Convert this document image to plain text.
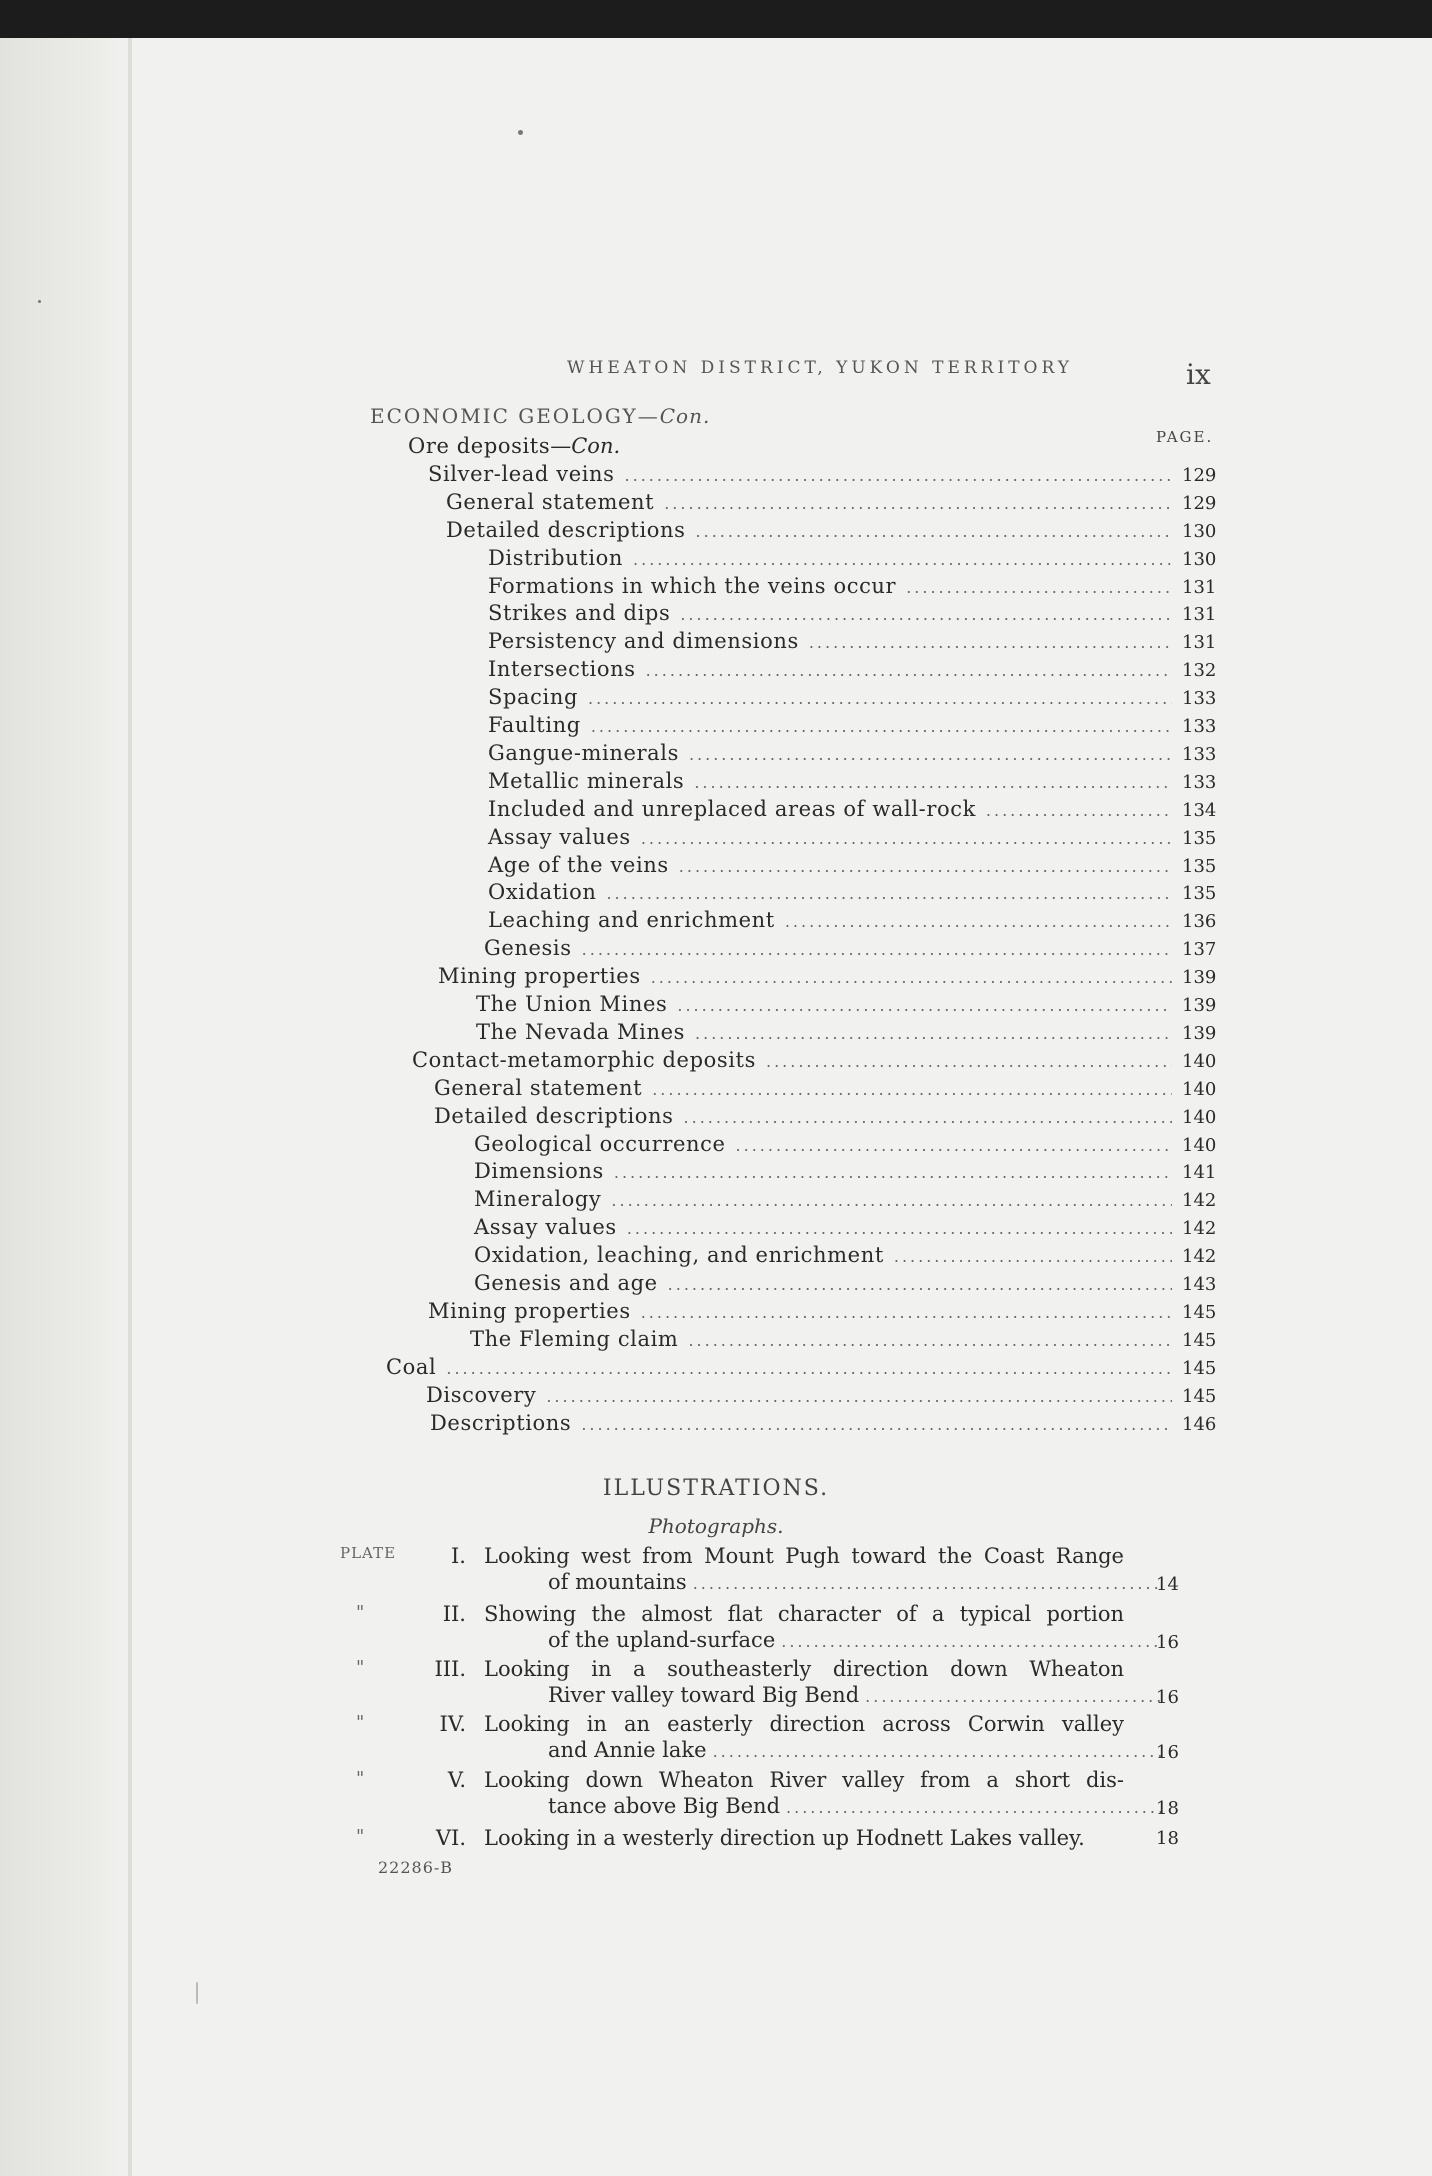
WHEATON DISTRICT, YUKON TERRITORY	ix
ECONOMIC GEOLOGY—Con.
PAGE.
Ore deposits — Con.
Silver-lead veins .....	129
General statement .....	129
Detailed descriptions .....	130
Distribution .....	130
Formations in which the veins occur .....	131
Strikes and dips .....	131
Persistency and dimensions .....	131
Intersections .....	132
Spacing .....	133
Faulting .....	133
Gangue-minerals .....	133
Metallic minerals .....	133
Included and unreplaced areas of wall-rock .....	134
Assay values .....	135
Age of the veins .....	135
Oxidation .....	135
Leaching and enrichment .....	136
Genesis .....	137
Mining properties .....	139
The Union Mines .....	139
The Nevada Mines .....	139
Contact-metamorphic deposits .....	140
General statement .....	140
Detailed descriptions .....	140
Geological occurrence .....	140
Dimensions .....	141
Mineralogy .....	142
Assay values .....	142
Oxidation, leaching, and enrichment .....	142
Genesis and age .....	143
Mining properties .....	145
The Fleming claim .....	145
Coal .....	145
Discovery .....	145
Descriptions .....	146
ILLUSTRATIONS.
Photographs.
PLATE	I. Looking west from Mount Pugh toward the Coast Range
of mountains .....	14
"	II. Showing the almost flat character of a typical portion
of the upland-surface .....	16
"	III. Looking in a southeasterly direction down Wheaton
River valley toward Big Bend .....	16
"	IV. Looking in an easterly direction across Corwin valley
and Annie lake .....	16
"	V. Looking down Wheaton River valley from a short dis-
tance above Big Bend .....	18
"	VI. Looking in a westerly direction up Hodnett Lakes valley.	18
22286-B
